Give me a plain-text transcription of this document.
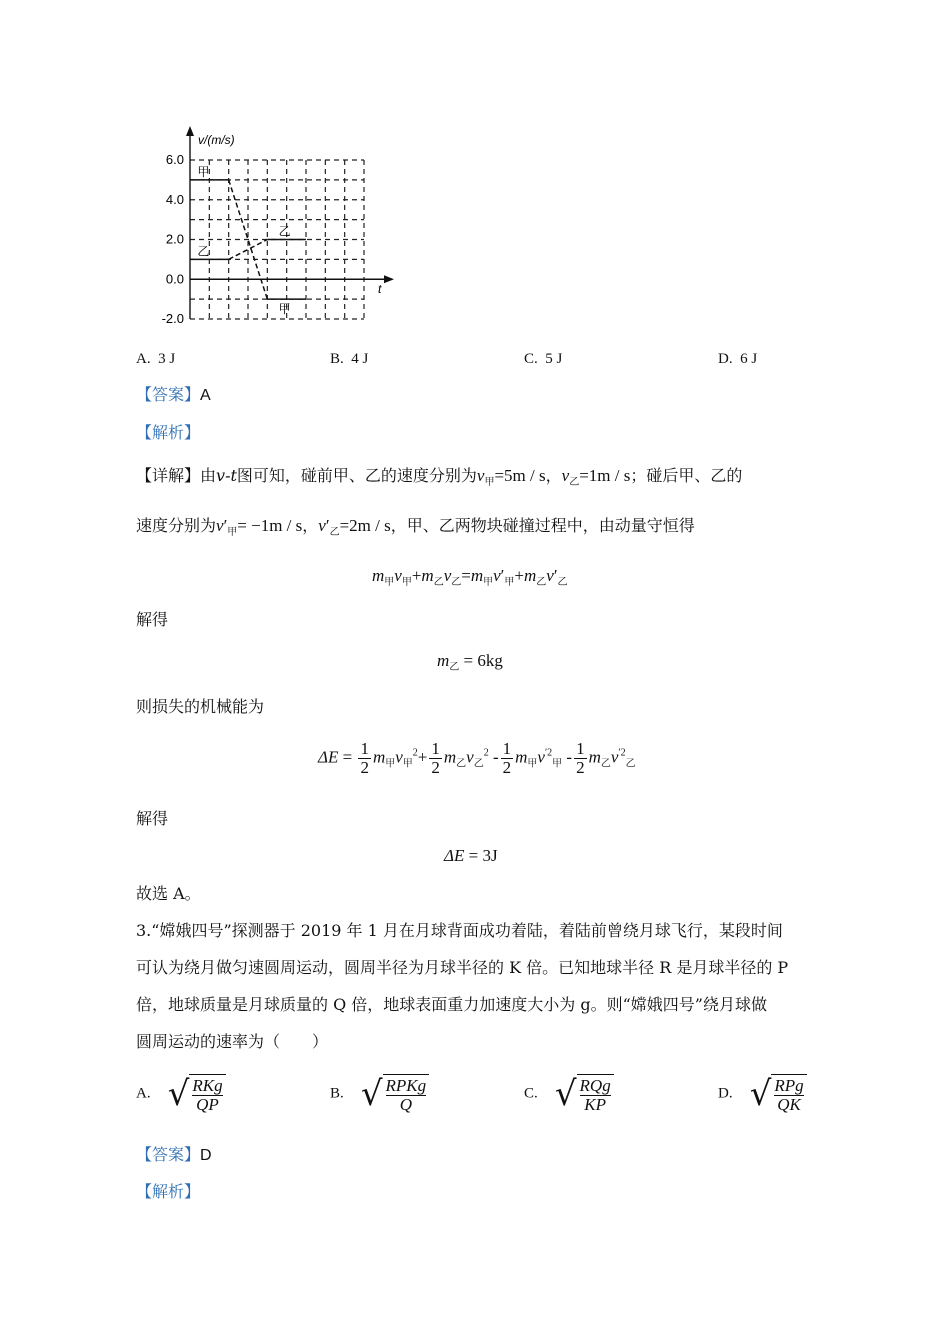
v/(m/s)
t
甲
乙
乙
甲
6.0
4.0
2.0
0.0
-2.0
A. 3 J	B. 4 J	C. 5 J	D. 6 J
【答案】A
【解析】
【详解】由v-t图可知，碰前甲、乙的速度分别为$v_甲=5m / s$，$v_乙=1m / s$；碰后甲、乙的
速度分别为$v'_甲= -1m / s$，$v'_乙=2m / s$，甲、乙两物块碰撞过程中，由动量守恒得
$m_甲v_甲+m_乙v_乙=m_甲v'_甲+m_乙v'_乙$
解得
$m_乙 = 6kg$
则损失的机械能为
$\Delta E = \frac{1}{2} m_甲v_甲^2+ \frac{1}{2} m_乙v_乙^2 - \frac{1}{2} m_甲v^{'2}_甲 - \frac{1}{2} m_乙v^{'2}_乙$
解得
ΔE = 3J
故选 A。
3.“嫦娥四号”探测器于 2019 年 1 月在月球背面成功着陆，着陆前曾绕月球飞行，某段时间
可认为绕月做匀速圆周运动，圆周半径为月球半径的 K 倍。已知地球半径 R 是月球半径的 P
倍，地球质量是月球质量的 Q 倍，地球表面重力加速度大小为 g。则“嫦娥四号”绕月球做
圆周运动的速率为（　　）
A. √ RKg
QP
B. √ RPKg
Q
C. √ RQg
KP
D. √ RPg
QK
【答案】D
【解析】
